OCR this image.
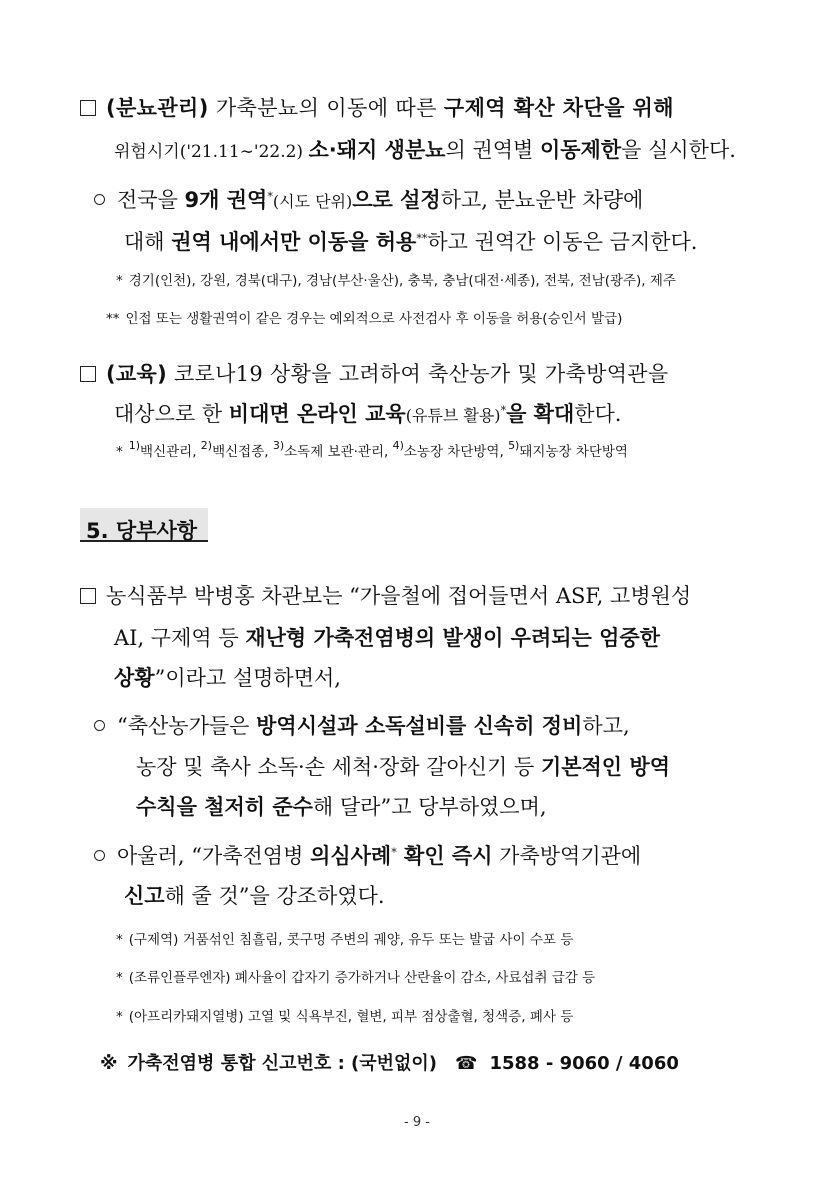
(분뇨관리) 가축분뇨의 이동에 따른 구제역 확산 차단을 위해
위험시기('21.11∼'22.2) 소·돼지 생분뇨의 권역별 이동제한을 실시한다.
전국을 9개 권역*(시도 단위)으로 설정하고, 분뇨운반 차량에
대해 권역 내에서만 이동을 허용**하고 권역간 이동은 금지한다.
* 경기(인천), 강원, 경북(대구), 경남(부산·울산), 충북, 충남(대전·세종), 전북, 전남(광주), 제주
** 인접 또는 생활권역이 같은 경우는 예외적으로 사전검사 후 이동을 허용(승인서 발급)
(교육) 코로나19 상황을 고려하여 축산농가 및 가축방역관을
대상으로 한 비대면 온라인 교육(유튜브 활용)*을 확대한다.
* $^{1)}$백신관리, $^{2)}$백신접종, $^{3)}$소독제 보관·관리, $^{4)}$소농장 차단방역, $^{5)}$돼지농장 차단방역
5. 당부사항
농식품부 박병홍 차관보는 “가을철에 접어들면서 ASF, 고병원성
AI, 구제역 등 재난형 가축전염병의 발생이 우려되는 엄중한
상황”이라고 설명하면서,
“축산농가들은 방역시설과 소독설비를 신속히 정비하고,
농장 및 축사 소독·손 세척·장화 갈아신기 등 기본적인 방역
수칙을 철저히 준수해 달라”고 당부하였으며,
아울러, “가축전염병 의심사례* 확인 즉시 가축방역기관에
신고해 줄 것”을 강조하였다.
* (구제역) 거품섞인 침흘림, 콧구멍 주변의 궤양, 유두 또는 발굽 사이 수포 등
* (조류인플루엔자) 폐사율이 갑자기 증가하거나 산란율이 감소, 사료섭취 급감 등
* (아프리카돼지열병) 고열 및 식욕부진, 혈변, 피부 점상출혈, 청색증, 폐사 등
※ 가축전염병 통합 신고번호 : (국번없이) ☎ 1588 - 9060 / 4060
- 9 -
